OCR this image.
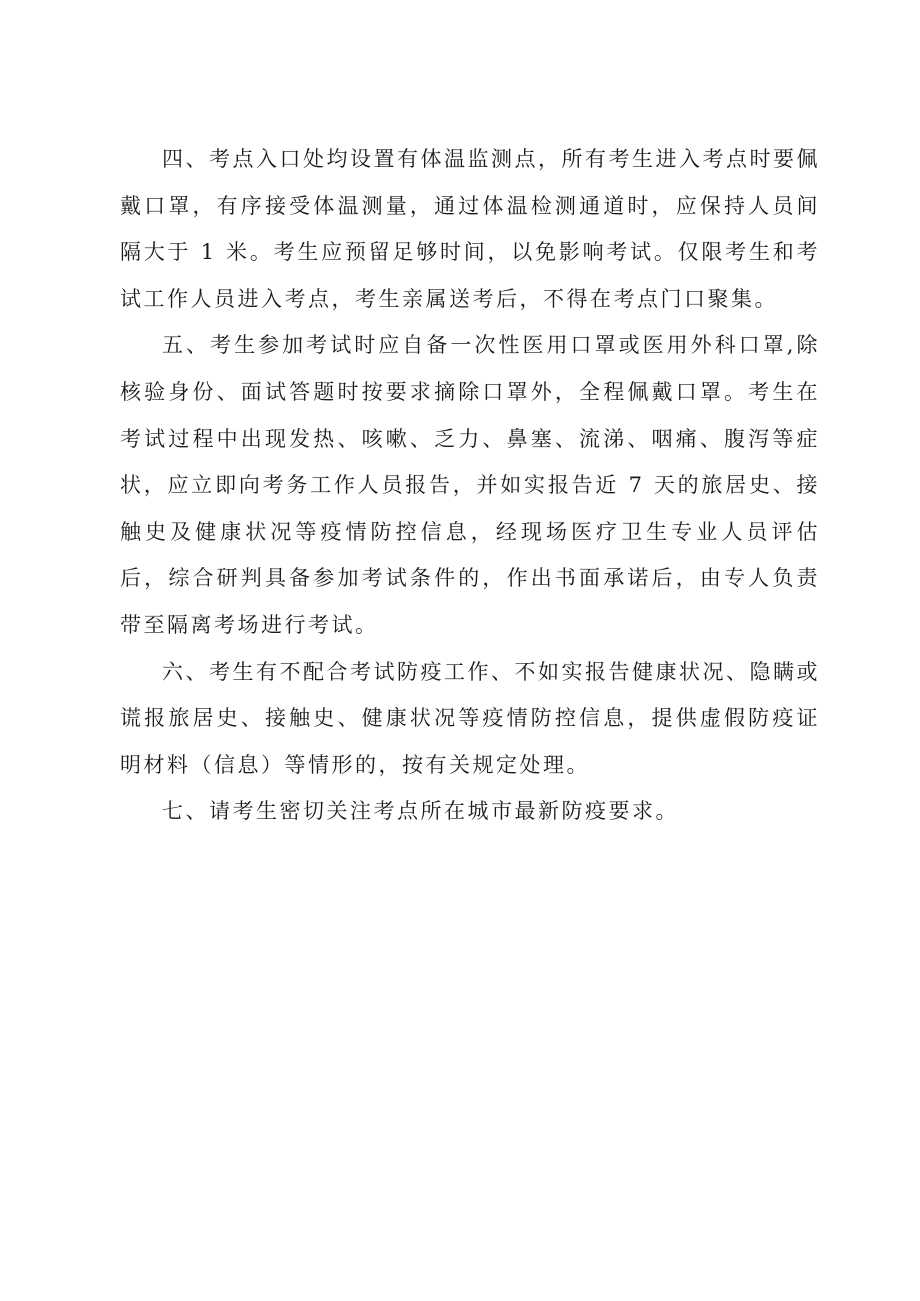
四、考点入口处均设置有体温监测点，所有考生进入考点时要佩戴口罩，有序接受体温测量，通过体温检测通道时，应保持人员间隔大于 1 米。考生应预留足够时间，以免影响考试。仅限考生和考试工作人员进入考点，考生亲属送考后，不得在考点门口聚集。

五、考生参加考试时应自备一次性医用口罩或医用外科口罩,除核验身份、面试答题时按要求摘除口罩外，全程佩戴口罩。考生在考试过程中出现发热、咳嗽、乏力、鼻塞、流涕、咽痛、腹泻等症状，应立即向考务工作人员报告，并如实报告近 7 天的旅居史、接触史及健康状况等疫情防控信息，经现场医疗卫生专业人员评估后，综合研判具备参加考试条件的，作出书面承诺后，由专人负责带至隔离考场进行考试。

六、考生有不配合考试防疫工作、不如实报告健康状况、隐瞒或谎报旅居史、接触史、健康状况等疫情防控信息，提供虚假防疫证明材料（信息）等情形的，按有关规定处理。

七、请考生密切关注考点所在城市最新防疫要求。
